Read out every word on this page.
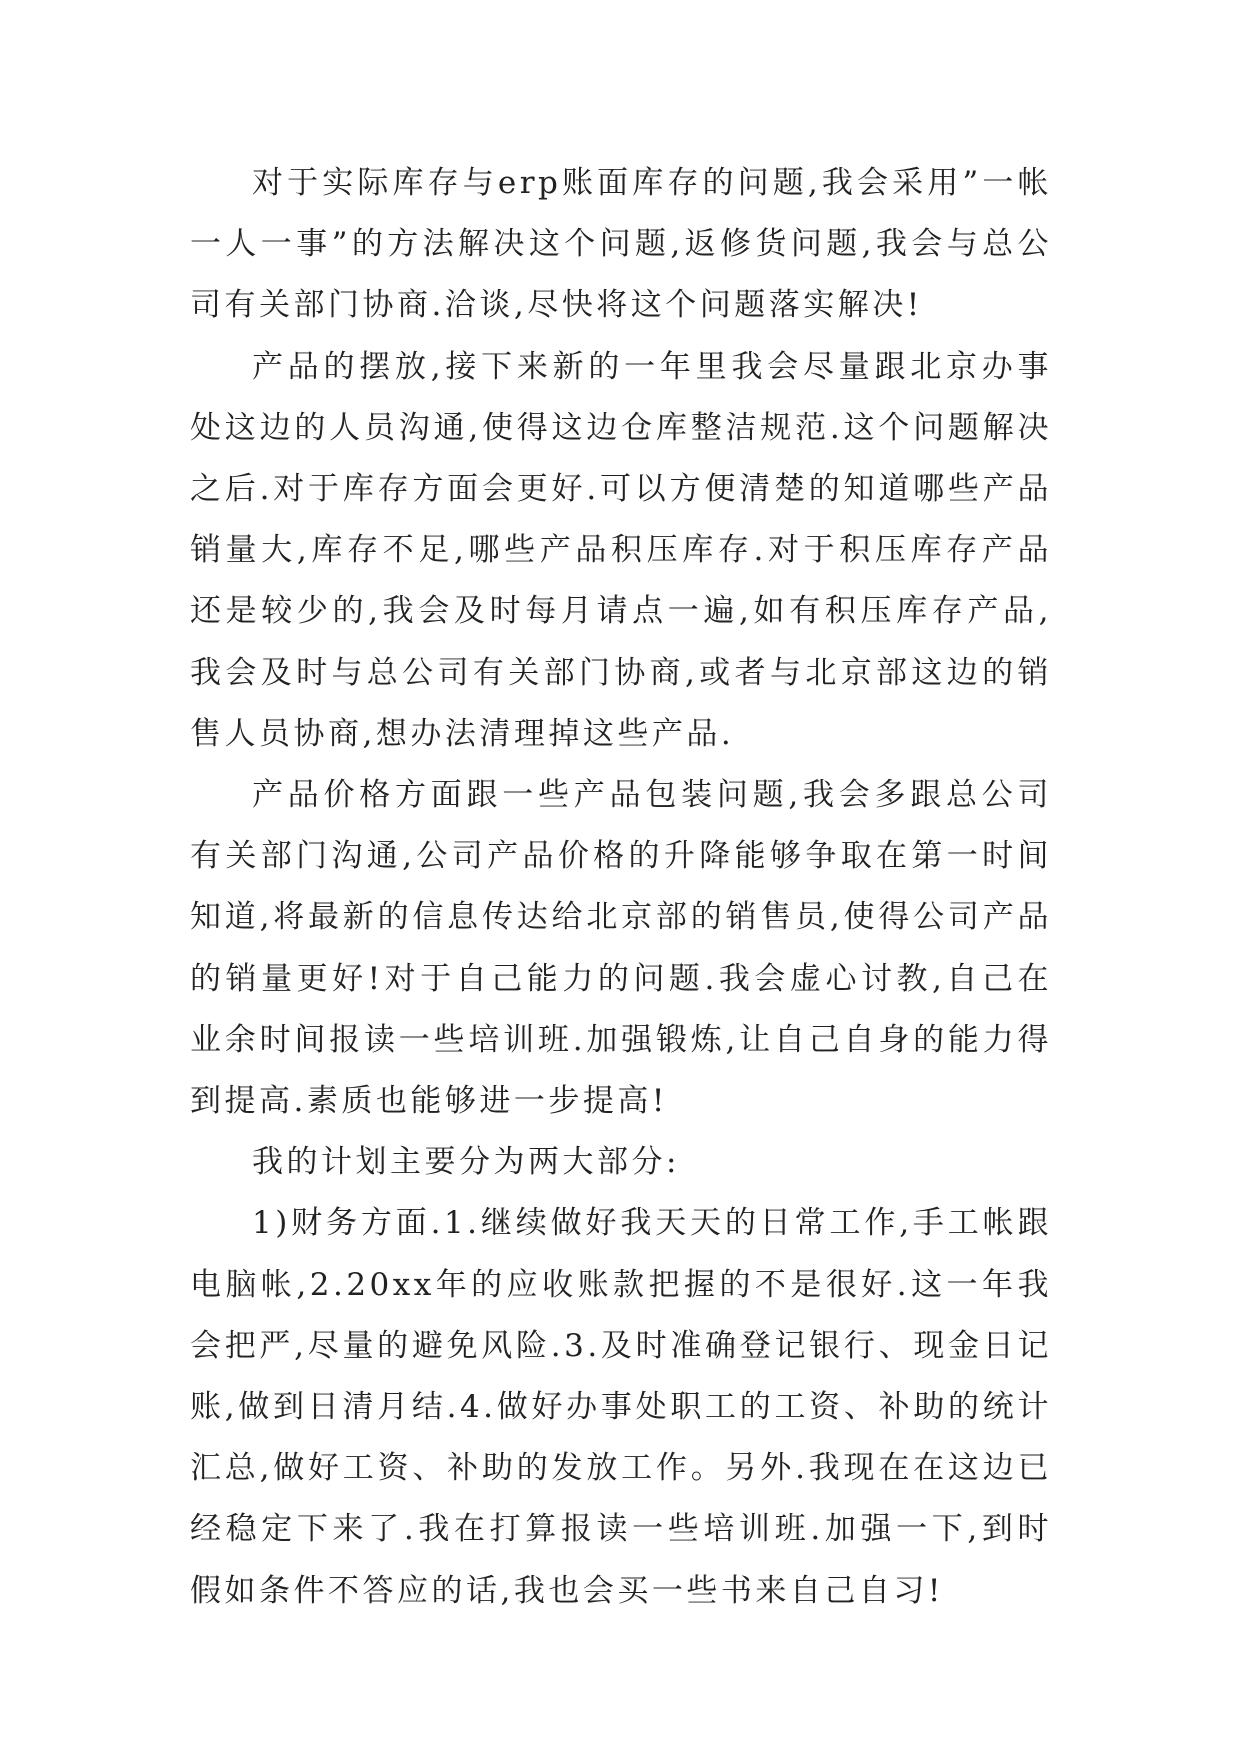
对于实际库存与erp账面库存的问题,我会采用”一帐一人一事”的方法解决这个问题,返修货问题,我会与总公司有关部门协商.洽谈,尽快将这个问题落实解决!

产品的摆放,接下来新的一年里我会尽量跟北京办事处这边的人员沟通,使得这边仓库整洁规范.这个问题解决之后.对于库存方面会更好.可以方便清楚的知道哪些产品销量大,库存不足,哪些产品积压库存.对于积压库存产品还是较少的,我会及时每月请点一遍,如有积压库存产品,我会及时与总公司有关部门协商,或者与北京部这边的销售人员协商,想办法清理掉这些产品.

产品价格方面跟一些产品包装问题,我会多跟总公司有关部门沟通,公司产品价格的升降能够争取在第一时间知道,将最新的信息传达给北京部的销售员,使得公司产品的销量更好!对于自己能力的问题.我会虚心讨教,自己在业余时间报读一些培训班.加强锻炼,让自己自身的能力得到提高.素质也能够进一步提高!

我的计划主要分为两大部分:

1)财务方面.1.继续做好我天天的日常工作,手工帐跟电脑帐,2.20xx年的应收账款把握的不是很好.这一年我会把严,尽量的避免风险.3.及时准确登记银行、现金日记账,做到日清月结.4.做好办事处职工的工资、补助的统计汇总,做好工资、补助的发放工作。另外.我现在在这边已经稳定下来了.我在打算报读一些培训班.加强一下,到时假如条件不答应的话,我也会买一些书来自己自习!
